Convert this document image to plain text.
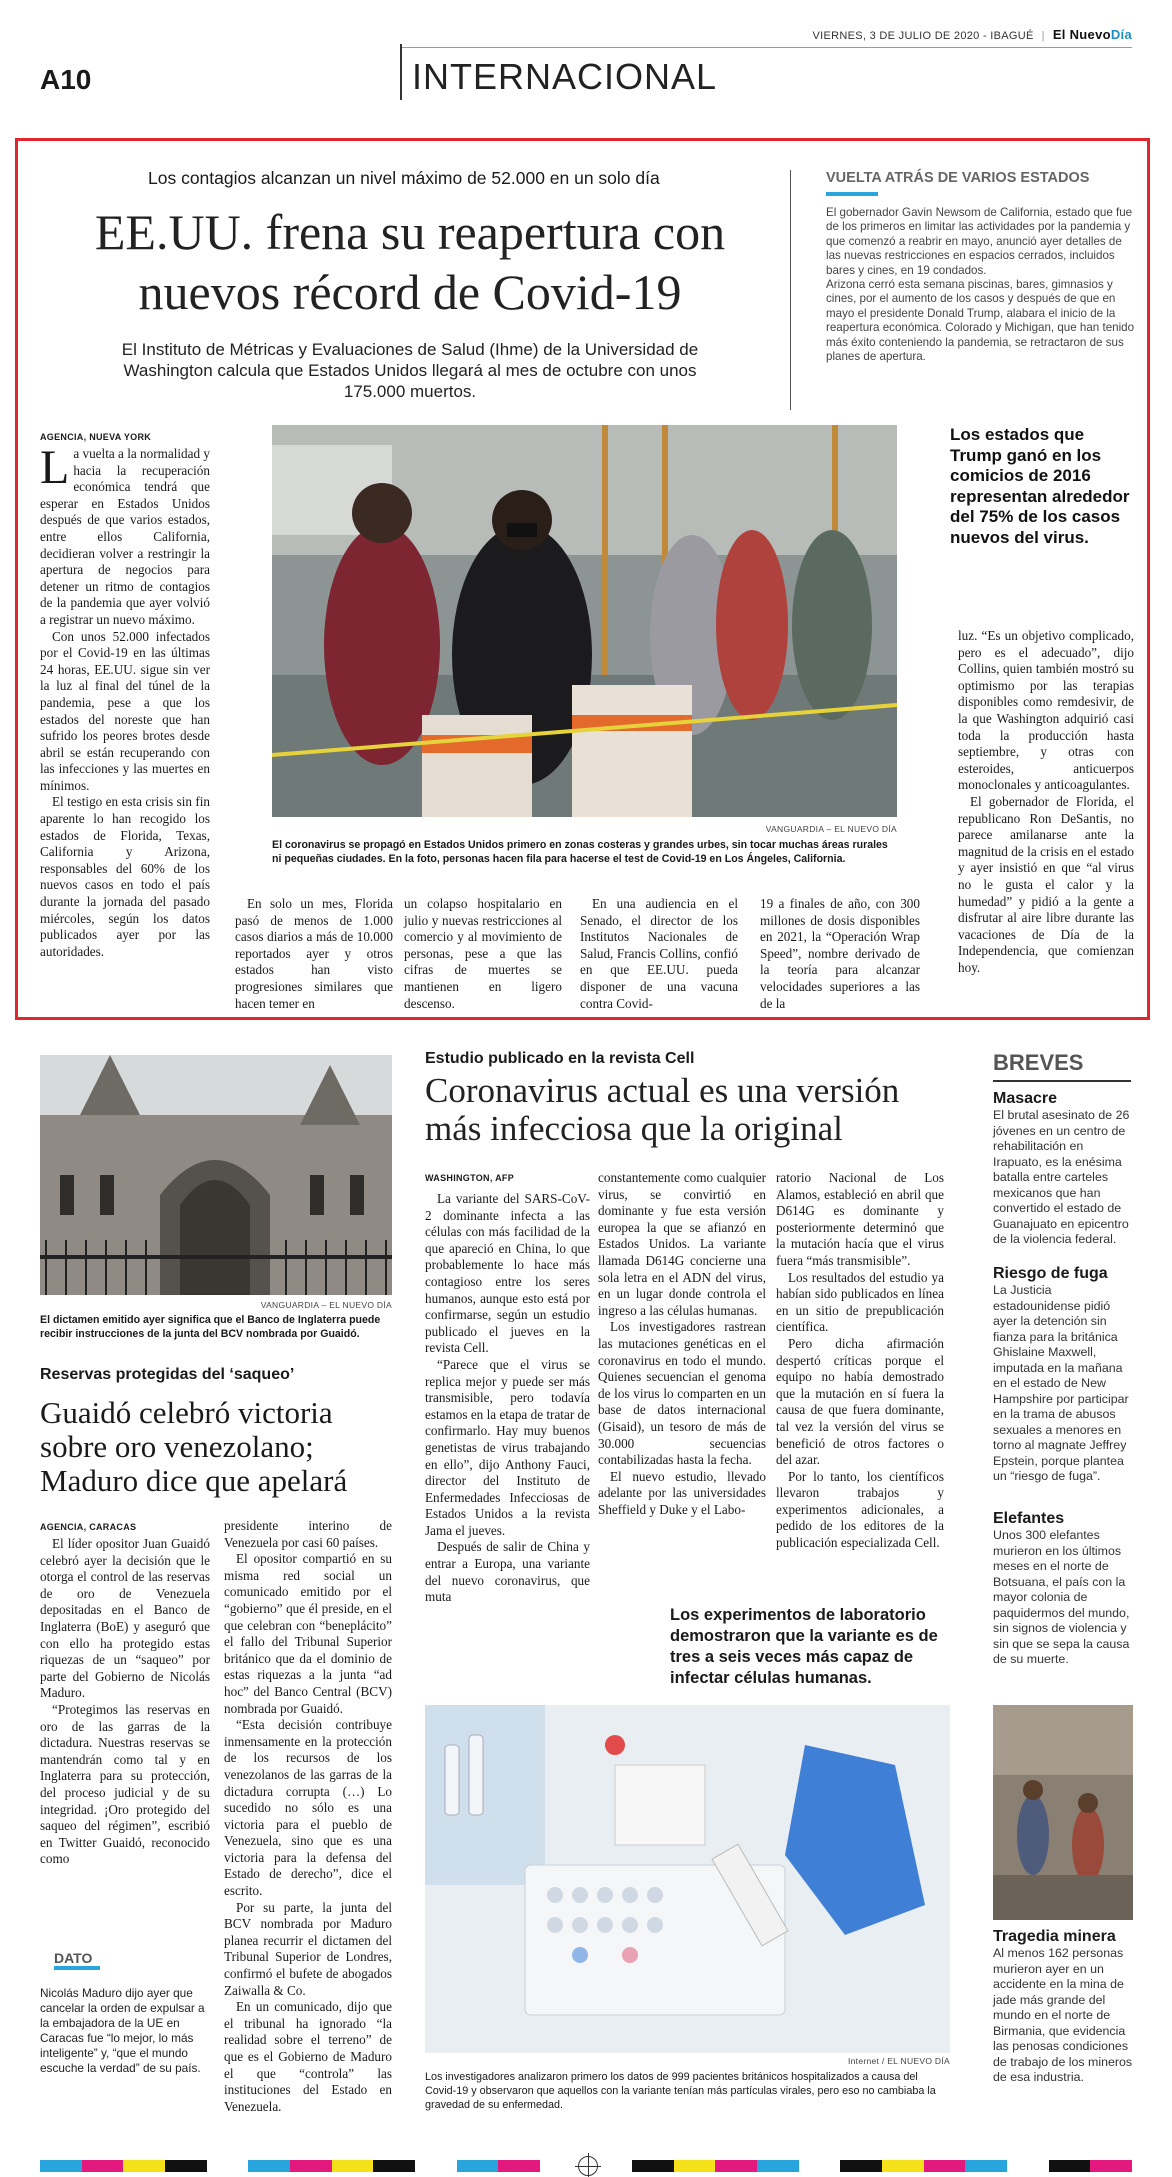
VIERNES, 3 DE JULIO DE 2020 - IBAGUÉ | El NuevoDía
A10	INTERNACIONAL
Los contagios alcanzan un nivel máximo de 52.000 en un solo día
EE.UU. frena su reapertura con
nuevos récord de Covid-19
El Instituto de Métricas y Evaluaciones de Salud (Ihme) de la Universidad de Washington calcula que Estados Unidos llegará al mes de octubre con unos 175.000 muertos.
VUELTA ATRÁS DE VARIOS ESTADOS

El gobernador Gavin Newsom de California, estado que fue de los primeros en limitar las actividades por la pandemia y que comenzó a reabrir en mayo, anunció ayer detalles de las nuevas restricciones en espacios cerrados, incluidos bares y cines, en 19 condados.

Arizona cerró esta semana piscinas, bares, gimnasios y cines, por el aumento de los casos y después de que en mayo el presidente Donald Trump, alabara el inicio de la reapertura económica. Colorado y Michigan, que han tenido más éxito conteniendo la pandemia, se retractaron de sus planes de apertura.

AGENCIA, NUEVA YORK

La vuelta a la normalidad y hacia la recuperación económica tendrá que esperar en Estados Unidos después de que varios estados, entre ellos California, decidieran volver a restringir la apertura de negocios para detener un ritmo de contagios de la pandemia que ayer volvió a registrar un nuevo máximo.

Con unos 52.000 infectados por el Covid-19 en las últimas 24 horas, EE.UU. sigue sin ver la luz al final del túnel de la pandemia, pese a que los estados del noreste que han sufrido los peores brotes desde abril se están recuperando con las infecciones y las muertes en mínimos.

El testigo en esta crisis sin fin aparente lo han recogido los estados de Florida, Texas, California y Arizona, responsables del 60% de los nuevos casos en todo el país durante la jornada del pasado miércoles, según los datos publicados ayer por las autoridades.

VANGUARDIA – EL NUEVO DÍA
El coronavirus se propagó en Estados Unidos primero en zonas costeras y grandes urbes, sin tocar muchas áreas rurales ni pequeñas ciudades. En la foto, personas hacen fila para hacerse el test de Covid-19 en Los Ángeles, California.
Los estados que Trump ganó en los comicios de 2016 representan alrededor del 75% de los casos nuevos del virus.
En solo un mes, Florida pasó de menos de 1.000 casos diarios a más de 10.000 reportados ayer y otros estados han visto progresiones similares que hacen temer en
un colapso hospitalario en julio y nuevas restricciones al comercio y al movimiento de personas, pese a que las cifras de muertes se mantienen en ligero descenso.
En una audiencia en el Senado, el director de los Institutos Nacionales de Salud, Francis Collins, confió en que EE.UU. pueda disponer de una vacuna contra Covid-
19 a finales de año, con 300 millones de dosis disponibles en 2021, la “Operación Wrap Speed”, nombre derivado de la teoría para alcanzar velocidades superiores a las de la

luz. “Es un objetivo complicado, pero es el adecuado”, dijo Collins, quien también mostró su optimismo por las terapias disponibles como remdesivir, de la que Washington adquirió casi toda la producción hasta septiembre, y otras con esteroides, anticuerpos monoclonales y anticoagulantes.

El gobernador de Florida, el republicano Ron DeSantis, no parece amilanarse ante la magnitud de la crisis en el estado y ayer insistió en que “al virus no le gusta el calor y la humedad” y pidió a la gente a disfrutar al aire libre durante las vacaciones de Día de la Independencia, que comienzan hoy.

VANGUARDIA – EL NUEVO DÍA
El dictamen emitido ayer significa que el Banco de Inglaterra puede recibir instrucciones de la junta del BCV nombrada por Guaidó.
Reservas protegidas del ‘saqueo’
Guaidó celebró victoria
sobre oro venezolano;
Maduro dice que apelará
AGENCIA, CARACAS

El líder opositor Juan Guaidó celebró ayer la decisión que le otorga el control de las reservas de oro de Venezuela depositadas en el Banco de Inglaterra (BoE) y aseguró que con ello ha protegido estas riquezas de un “saqueo” por parte del Gobierno de Nicolás Maduro.

“Protegimos las reservas en oro de las garras de la dictadura. Nuestras reservas se mantendrán como tal y en Inglaterra para su protección, del proceso judicial y de su integridad. ¡Oro protegido del saqueo del régimen”, escribió en Twitter Guaidó, reconocido como

presidente interino de Venezuela por casi 60 países.

El opositor compartió en su misma red social un comunicado emitido por el “gobierno” que él preside, en el que celebran con “beneplácito” el fallo del Tribunal Superior británico que da el dominio de estas riquezas a la junta “ad hoc” del Banco Central (BCV) nombrada por Guaidó.

“Esta decisión contribuye inmensamente en la protección de los recursos de los venezolanos de las garras de la dictadura corrupta (…) Lo sucedido no sólo es una victoria para el pueblo de Venezuela, sino que es una victoria para la defensa del Estado de derecho”, dice el escrito.

Por su parte, la junta del BCV nombrada por Maduro planea recurrir el dictamen del Tribunal Superior de Londres, confirmó el bufete de abogados Zaiwalla & Co.

En un comunicado, dijo que el tribunal ha ignorado “la realidad sobre el terreno” de que es el Gobierno de Maduro el que “controla” las instituciones del Estado en Venezuela.

DATO
Nicolás Maduro dijo ayer que cancelar la orden de expulsar a la embajadora de la UE en Caracas fue “lo mejor, lo más inteligente” y, “que el mundo escuche la verdad” de su país.
Estudio publicado en la revista Cell
Coronavirus actual es una versión
más infecciosa que la original
WASHINGTON, AFP

La variante del SARS-CoV-2 dominante infecta a las células con más facilidad de la que apareció en China, lo que probablemente lo hace más contagioso entre los seres humanos, aunque esto está por confirmarse, según un estudio publicado el jueves en la revista Cell.

“Parece que el virus se replica mejor y puede ser más transmisible, pero todavía estamos en la etapa de tratar de confirmarlo. Hay muy buenos genetistas de virus trabajando en ello”, dijo Anthony Fauci, director del Instituto de Enfermedades Infecciosas de Estados Unidos a la revista Jama el jueves.

Después de salir de China y entrar a Europa, una variante del nuevo coronavirus, que muta

constantemente como cualquier virus, se convirtió en dominante y fue esta versión europea la que se afianzó en Estados Unidos. La variante llamada D614G concierne una sola letra en el ADN del virus, en un lugar donde controla el ingreso a las células humanas.

Los investigadores rastrean las mutaciones genéticas en el coronavirus en todo el mundo. Quienes secuencian el genoma de los virus lo comparten en un base de datos internacional (Gisaid), un tesoro de más de 30.000 secuencias contabilizadas hasta la fecha.

El nuevo estudio, llevado adelante por las universidades Sheffield y Duke y el Labo-

ratorio Nacional de Los Alamos, estableció en abril que D614G es dominante y posteriormente determinó que la mutación hacía que el virus fuera “más transmisible”.

Los resultados del estudio ya habían sido publicados en línea en un sitio de prepublicación científica.

Pero dicha afirmación despertó críticas porque el equipo no había demostrado que la mutación en sí fuera la causa de que fuera dominante, tal vez la versión del virus se benefició de otros factores o del azar.

Por lo tanto, los científicos llevaron trabajos y experimentos adicionales, a pedido de los editores de la publicación especializada Cell.

Los experimentos de laboratorio demostraron que la variante es de tres a seis veces más capaz de infectar células humanas.
Internet / EL NUEVO DÍA
Los investigadores analizaron primero los datos de 999 pacientes británicos hospitalizados a causa del Covid-19 y observaron que aquellos con la variante tenían más partículas virales, pero eso no cambiaba la gravedad de su enfermedad.
BREVES
Masacre
El brutal asesinato de 26 jóvenes en un centro de rehabilitación en Irapuato, es la enésima batalla entre carteles mexicanos que han convertido el estado de Guanajuato en epicentro de la violencia federal.
Riesgo de fuga
La Justicia estadounidense pidió ayer la detención sin fianza para la británica Ghislaine Maxwell, imputada en la mañana en el estado de New Hampshire por participar en la trama de abusos sexuales a menores en torno al magnate Jeffrey Epstein, porque plantea un “riesgo de fuga”.
Elefantes
Unos 300 elefantes murieron en los últimos meses en el norte de Botsuana, el país con la mayor colonia de paquidermos del mundo, sin signos de violencia y sin que se sepa la causa de su muerte.
Tragedia minera
Al menos 162 personas murieron ayer en un accidente en la mina de jade más grande del mundo en el norte de Birmania, que evidencia las penosas condiciones de trabajo de los mineros de esa industria.
